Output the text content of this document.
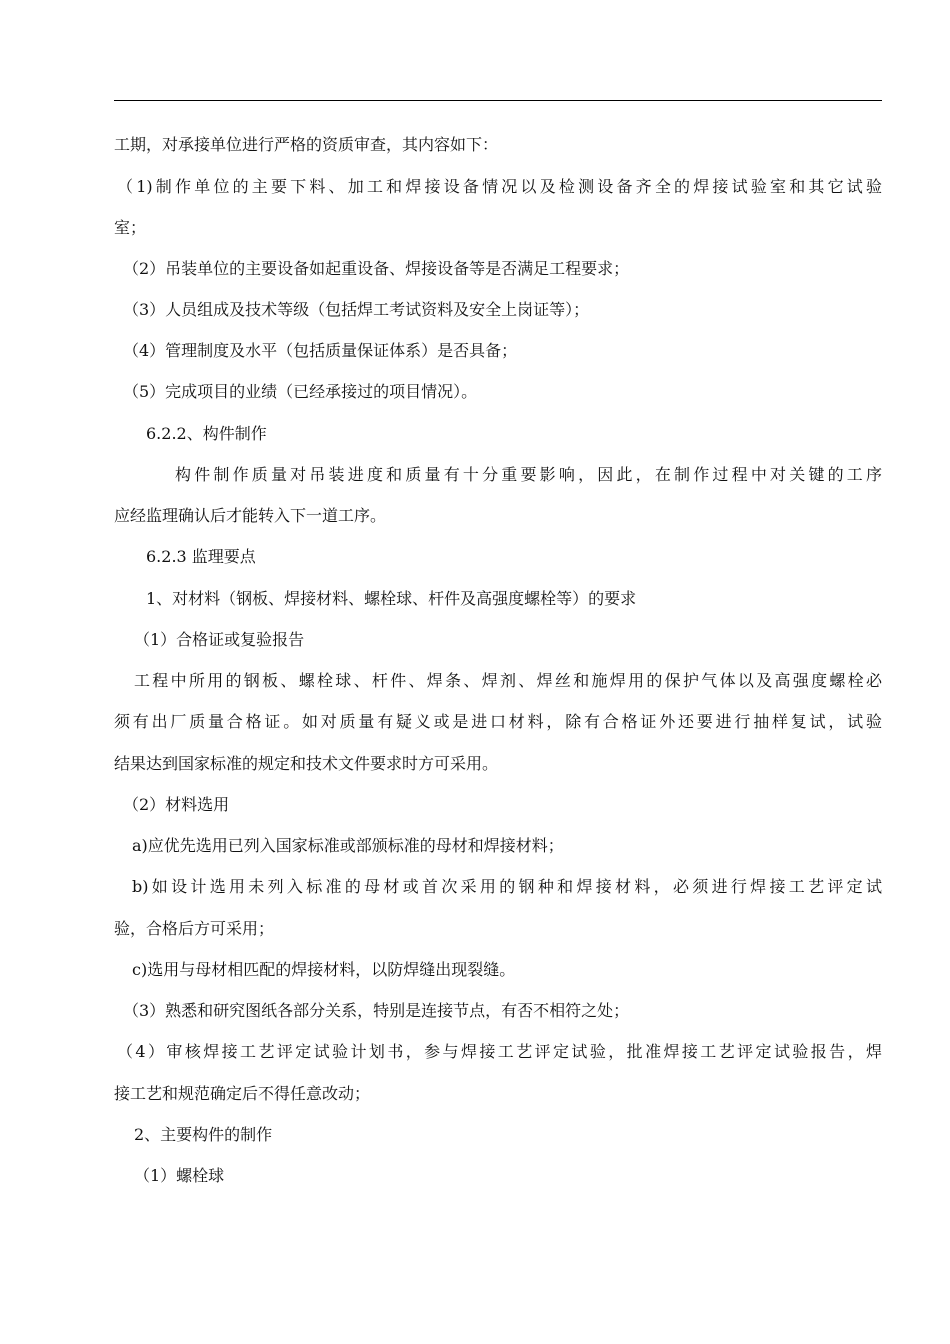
工期，对承接单位进行严格的资质审查，其内容如下：
（1)制作单位的主要下料、加工和焊接设备情况以及检测设备齐全的焊接试验室和其它试验
室；
（2）吊装单位的主要设备如起重设备、焊接设备等是否满足工程要求；
（3）人员组成及技术等级（包括焊工考试资料及安全上岗证等）；
（4）管理制度及水平（包括质量保证体系）是否具备；
（5）完成项目的业绩（已经承接过的项目情况）。
6.2.2、构件制作
构件制作质量对吊装进度和质量有十分重要影响，因此，在制作过程中对关键的工序
应经监理确认后才能转入下一道工序。
6.2.3 监理要点
1、对材料（钢板、焊接材料、螺栓球、杆件及高强度螺栓等）的要求
（1）合格证或复验报告
工程中所用的钢板、螺栓球、杆件、焊条、焊剂、焊丝和施焊用的保护气体以及高强度螺栓必
须有出厂质量合格证。如对质量有疑义或是进口材料，除有合格证外还要进行抽样复试，试验
结果达到国家标准的规定和技术文件要求时方可采用。
（2）材料选用
a)应优先选用已列入国家标准或部颁标准的母材和焊接材料；
b)如设计选用未列入标准的母材或首次采用的钢种和焊接材料，必须进行焊接工艺评定试
验，合格后方可采用；
c)选用与母材相匹配的焊接材料，以防焊缝出现裂缝。
（3）熟悉和研究图纸各部分关系，特别是连接节点，有否不相符之处；
（4）审核焊接工艺评定试验计划书，参与焊接工艺评定试验，批准焊接工艺评定试验报告，焊
接工艺和规范确定后不得任意改动；
2、主要构件的制作
（1）螺栓球
